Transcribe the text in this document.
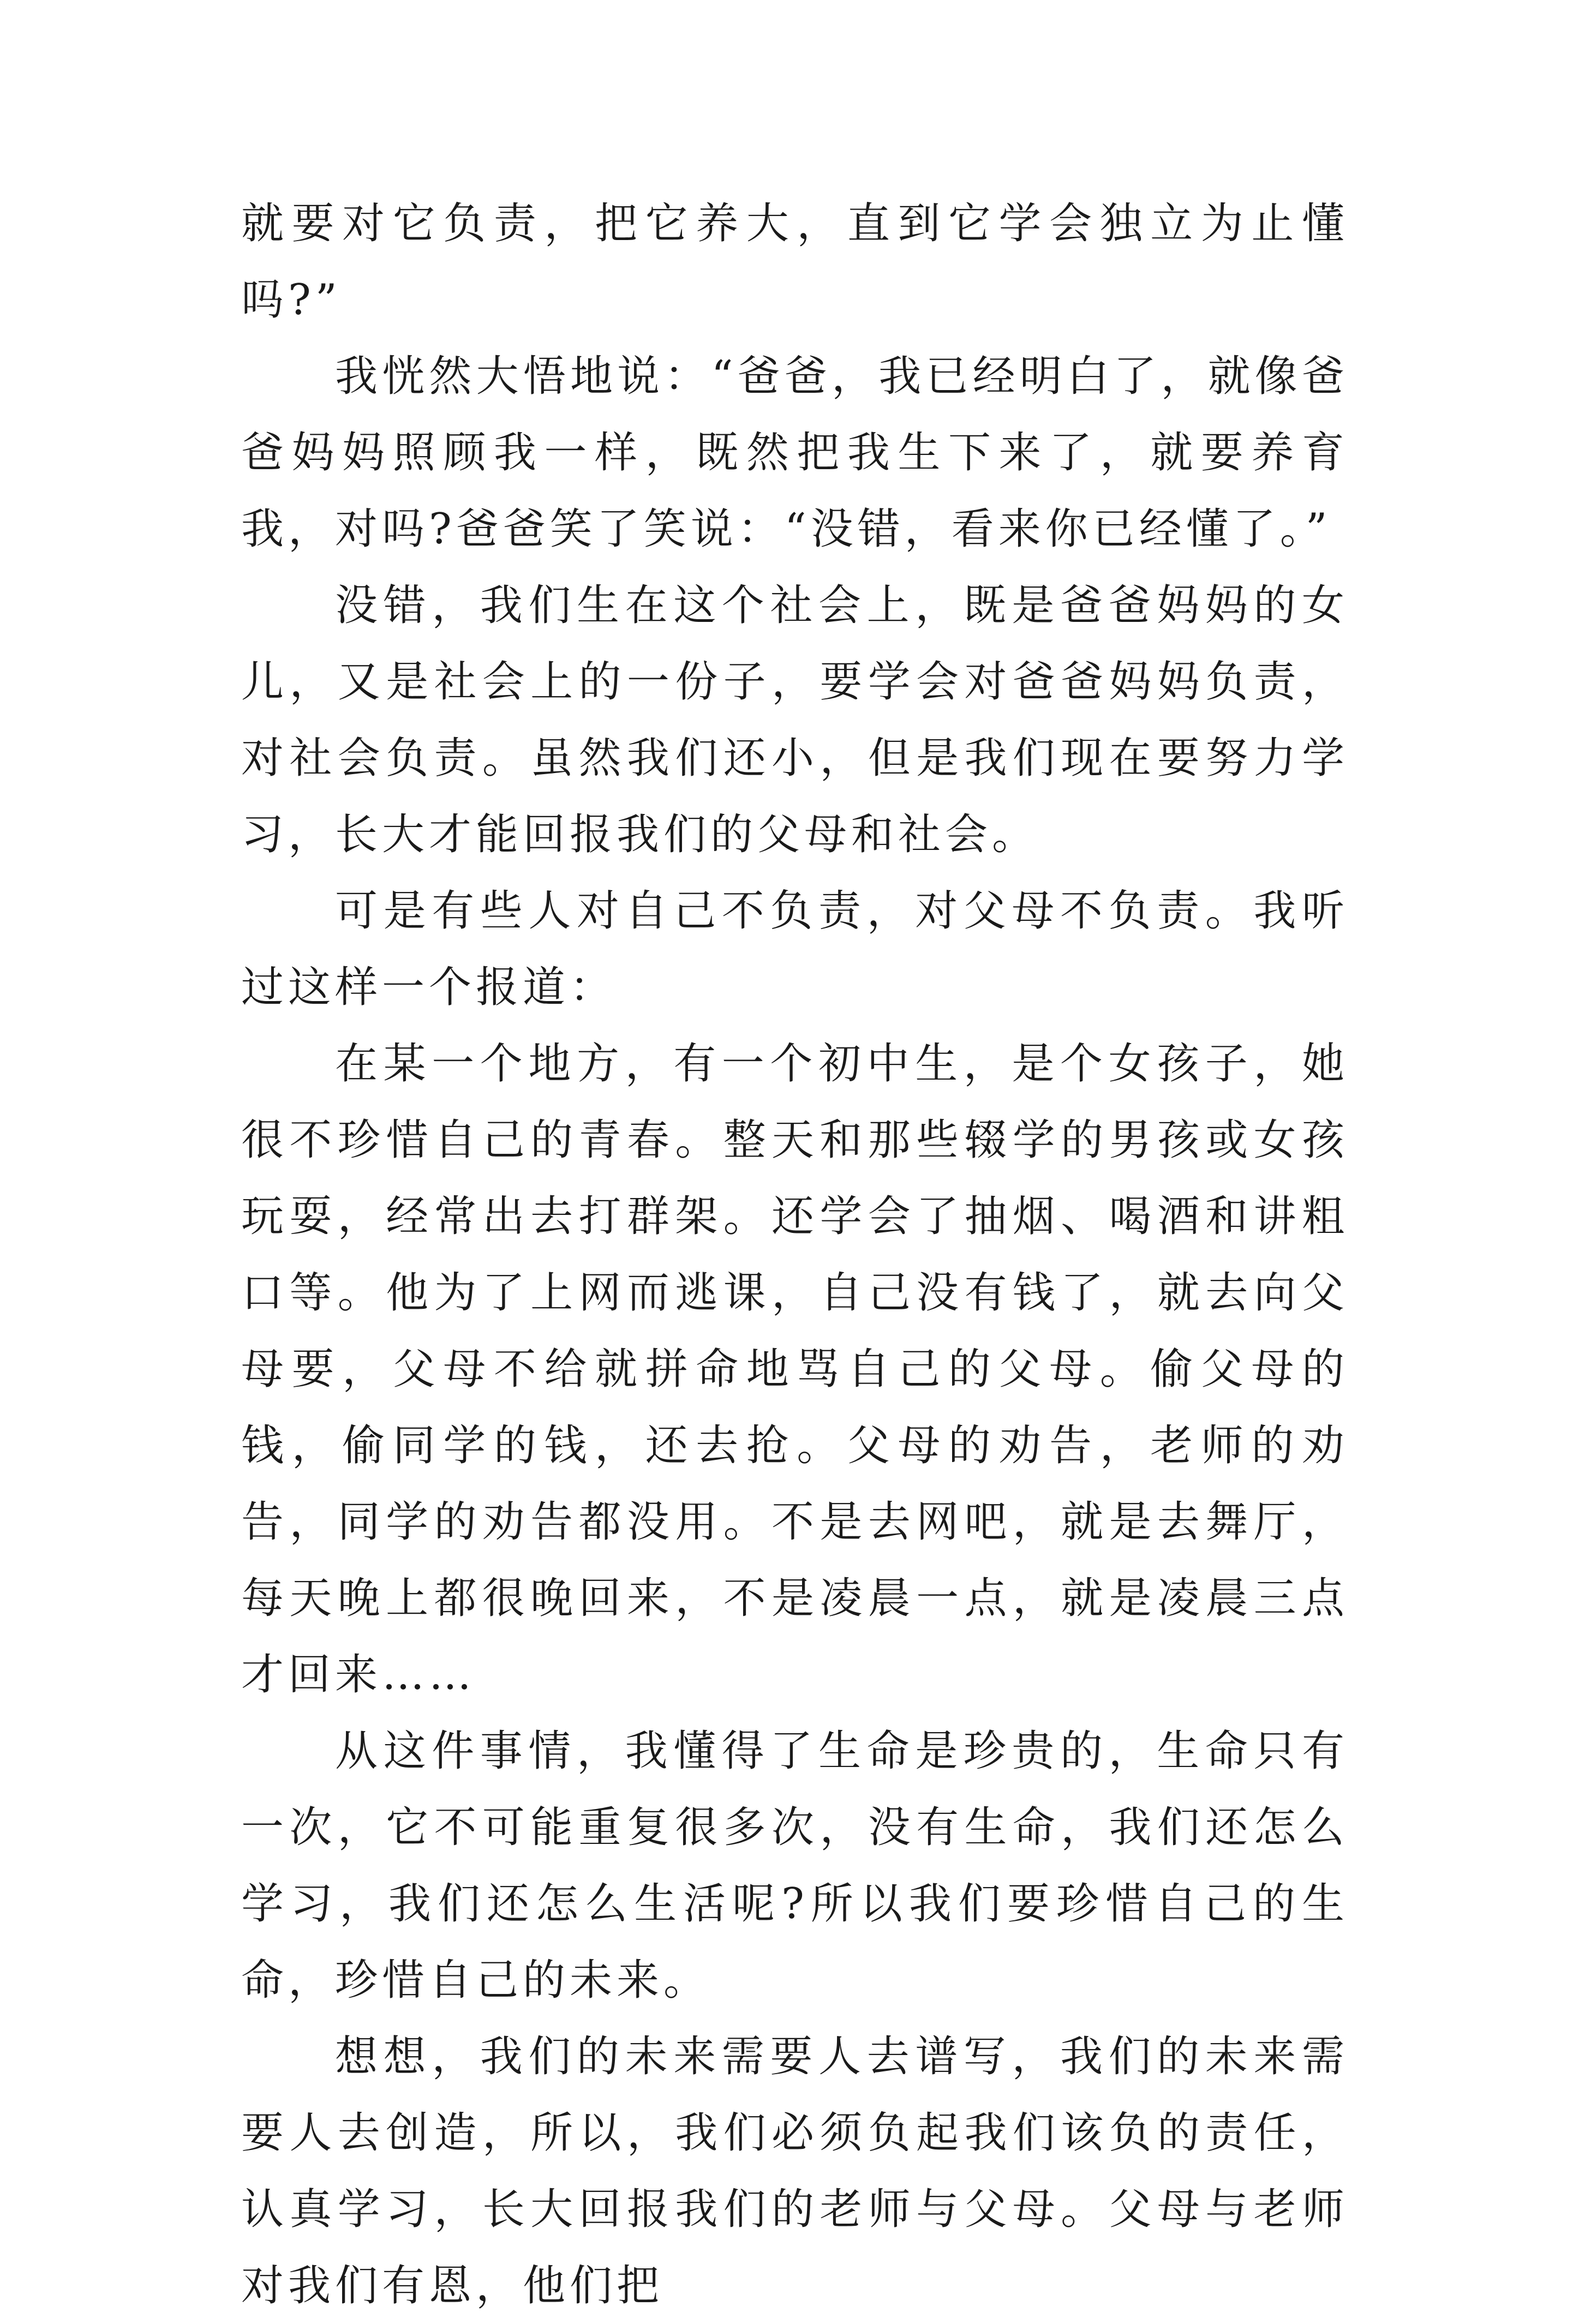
就要对它负责，把它养大，直到它学会独立为止懂吗?”

我恍然大悟地说：“爸爸，我已经明白了，就像爸爸妈妈照顾我一样，既然把我生下来了，就要养育我，对吗?爸爸笑了笑说：“没错，看来你已经懂了。”

没错，我们生在这个社会上，既是爸爸妈妈的女儿，又是社会上的一份子，要学会对爸爸妈妈负责，对社会负责。虽然我们还小，但是我们现在要努力学习，长大才能回报我们的父母和社会。

可是有些人对自己不负责，对父母不负责。我听过这样一个报道：

在某一个地方，有一个初中生，是个女孩子，她很不珍惜自己的青春。整天和那些辍学的男孩或女孩玩耍，经常出去打群架。还学会了抽烟、喝酒和讲粗口等。他为了上网而逃课，自己没有钱了，就去向父母要，父母不给就拼命地骂自己的父母。偷父母的钱，偷同学的钱，还去抢。父母的劝告，老师的劝告，同学的劝告都没用。不是去网吧，就是去舞厅，每天晚上都很晚回来，不是凌晨一点，就是凌晨三点才回来……

从这件事情，我懂得了生命是珍贵的，生命只有一次，它不可能重复很多次，没有生命，我们还怎么学习，我们还怎么生活呢?所以我们要珍惜自己的生命，珍惜自己的未来。

想想，我们的未来需要人去谱写，我们的未来需要人去创造，所以，我们必须负起我们该负的责任，认真学习，长大回报我们的老师与父母。父母与老师对我们有恩，他们把
